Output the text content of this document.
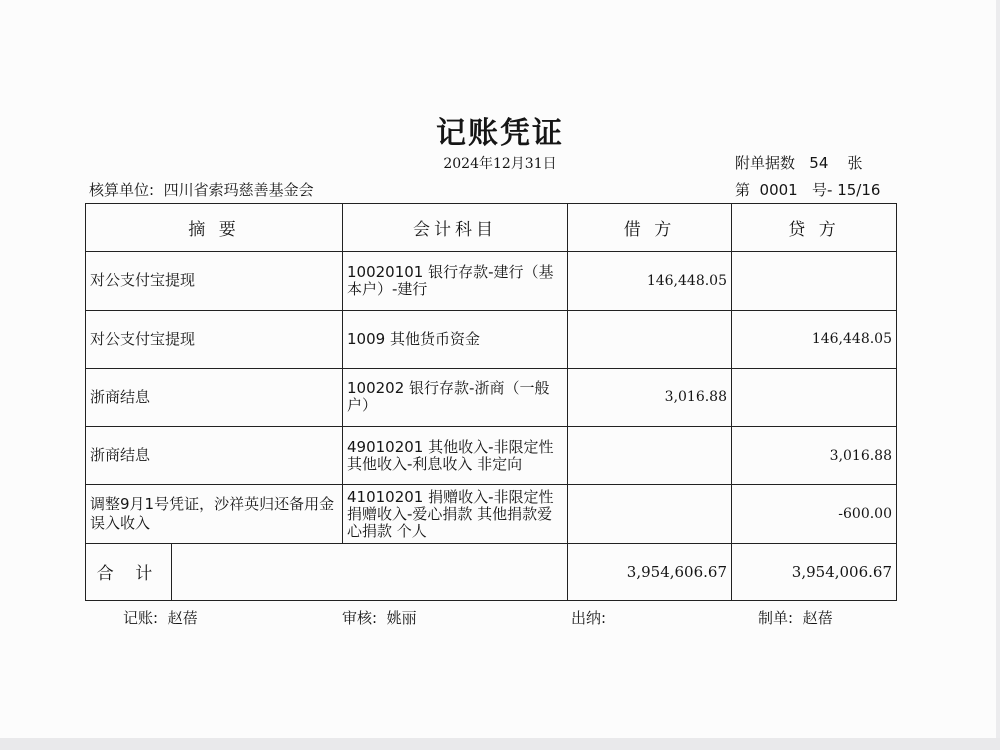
记账凭证
2024年12月31日	附单据数   54    张
核算单位:  四川省索玛慈善基金会	第  0001   号- 15/16
摘 要		会计科目	借 方	贷 方
对公支付宝提现		10020101 银行存款-建行（基本户）-建行	146,448.05	
对公支付宝提现		1009 其他货币资金		146,448.05
浙商结息		100202 银行存款-浙商（一般户）	3,016.88	
浙商结息		49010201 其他收入-非限定性其他收入-利息收入 非定向		3,016.88
调整9月1号凭证，沙祥英归还备用金误入收入		41010201 捐赠收入-非限定性捐赠收入-爱心捐款 其他捐款爱心捐款 个人		-600.00
合 计			3,954,606.67	3,954,006.67
记账:  赵蓓	审核:  姚丽	出纳:	制单:  赵蓓
